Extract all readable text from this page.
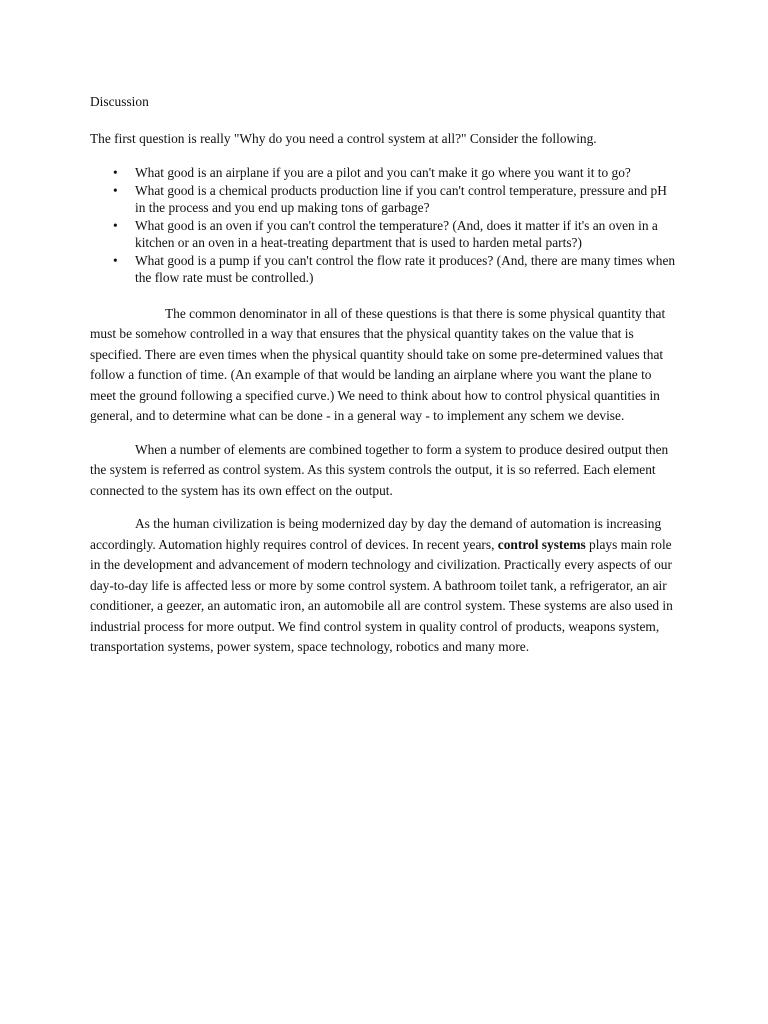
Discussion

The first question is really "Why do you need a control system at all?" Consider the following.

• What good is an airplane if you are a pilot and you can't make it go where you want it to go?
• What good is a chemical products production line if you can't control temperature, pressure and pH in the process and you end up making tons of garbage?
• What good is an oven if you can't control the temperature? (And, does it matter if it's an oven in a kitchen or an oven in a heat-treating department that is used to harden metal parts?)
• What good is a pump if you can't control the flow rate it produces? (And, there are many times when the flow rate must be controlled.)

The common denominator in all of these questions is that there is some physical quantity that must be somehow controlled in a way that ensures that the physical quantity takes on the value that is specified. There are even times when the physical quantity should take on some pre-determined values that follow a function of time. (An example of that would be landing an airplane where you want the plane to meet the ground following a specified curve.) We need to think about how to control physical quantities in general, and to determine what can be done - in a general way - to implement any schem we devise.

When a number of elements are combined together to form a system to produce desired output then the system is referred as control system. As this system controls the output, it is so referred. Each element connected to the system has its own effect on the output.

As the human civilization is being modernized day by day the demand of automation is increasing accordingly. Automation highly requires control of devices. In recent years, control systems plays main role in the development and advancement of modern technology and civilization. Practically every aspects of our day-to-day life is affected less or more by some control system. A bathroom toilet tank, a refrigerator, an air conditioner, a geezer, an automatic iron, an automobile all are control system. These systems are also used in industrial process for more output. We find control system in quality control of products, weapons system, transportation systems, power system, space technology, robotics and many more.
